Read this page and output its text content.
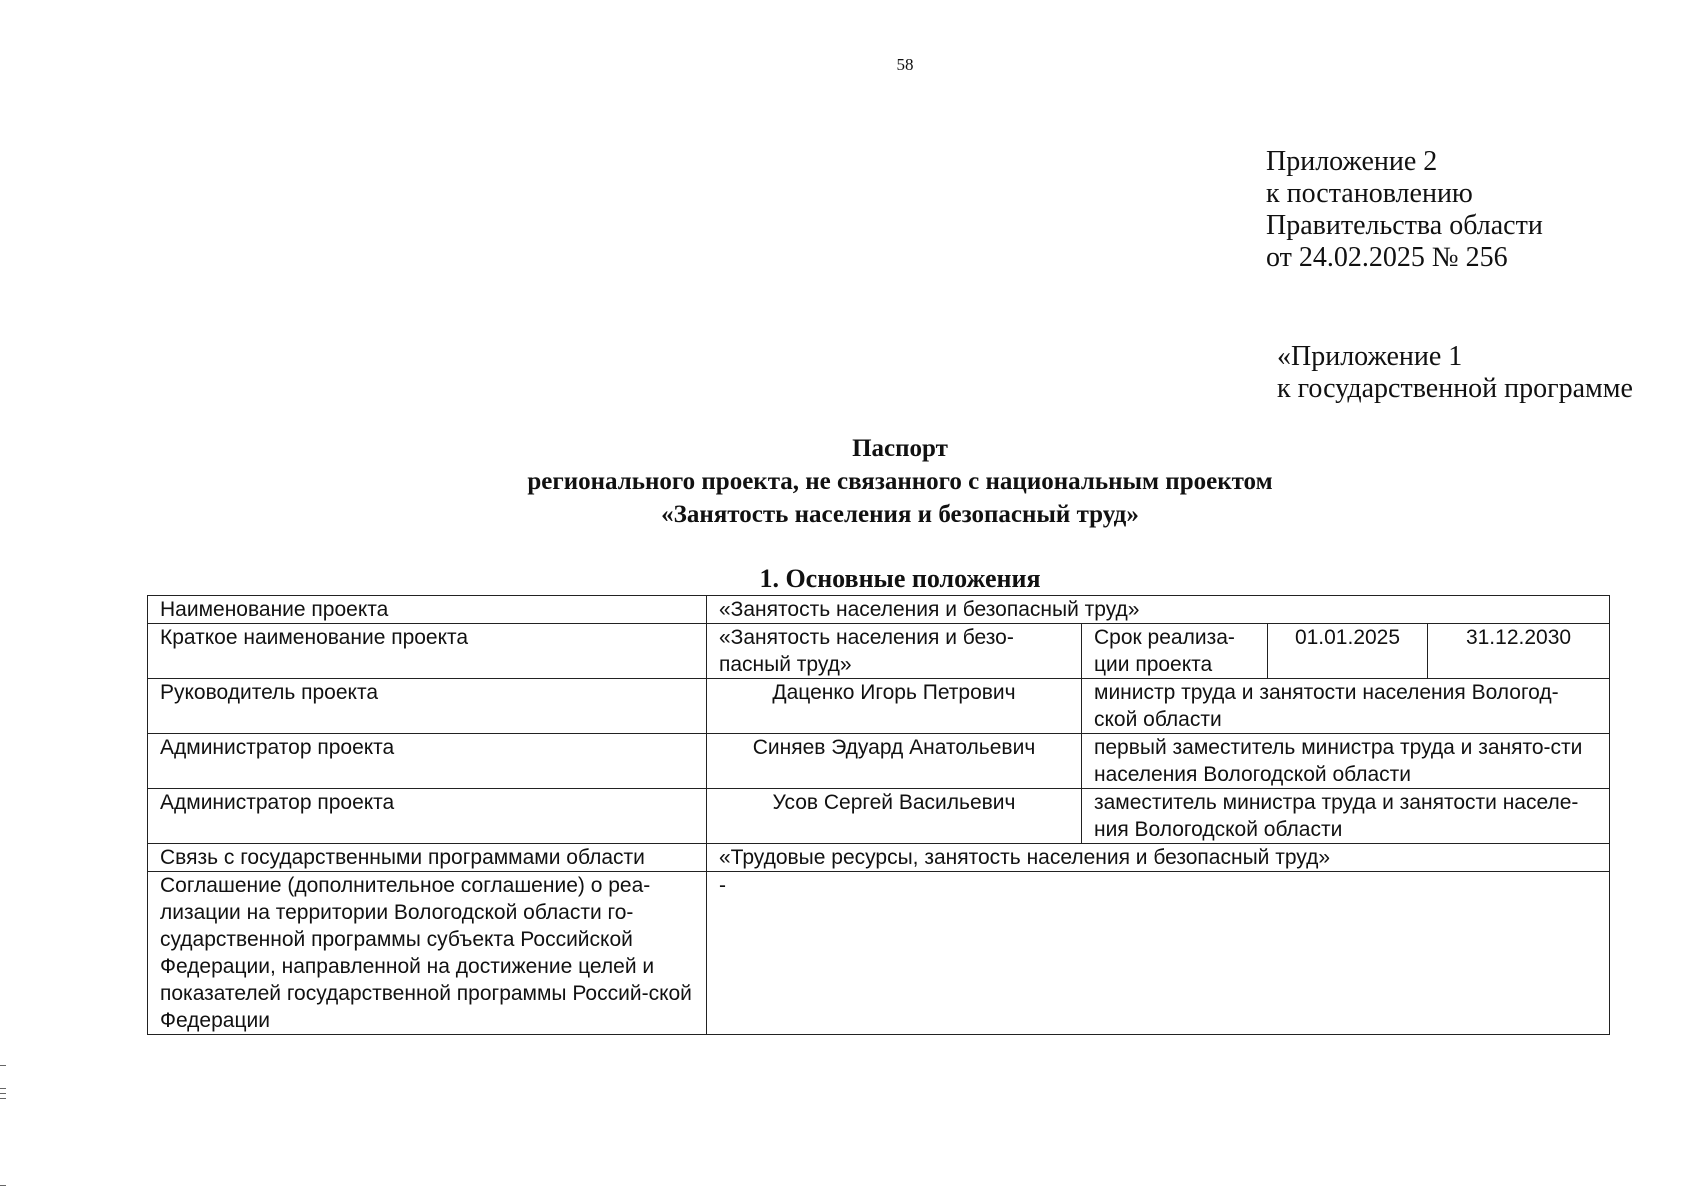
58
Приложение 2
к постановлению
Правительства области
от 24.02.2025 № 256
«Приложение 1
к государственной программе
Паспорт
регионального проекта, не связанного с национальным проектом
«Занятость населения и безопасный труд»
1. Основные положения
Наименование проекта	«Занятость населения и безопасный труд»			
Краткое наименование проекта	«Занятость населения и безо-пасный труд»	Срок реализа-ции проекта	01.01.2025	31.12.2030
Руководитель проекта	Даценко Игорь Петрович	министр труда и занятости населения Вологод-ской области		
Администратор проекта	Синяев Эдуард Анатольевич	первый заместитель министра труда и занято-сти населения Вологодской области		
Администратор проекта	Усов Сергей Васильевич	заместитель министра труда и занятости населе-ния Вологодской области		
Связь с государственными программами области	«Трудовые ресурсы, занятость населения и безопасный труд»			
Соглашение (дополнительное соглашение) о реа-лизации на территории Вологодской области го-сударственной программы субъекта Российской Федерации, направленной на достижение целей и показателей государственной программы Россий-ской Федерации	-			
